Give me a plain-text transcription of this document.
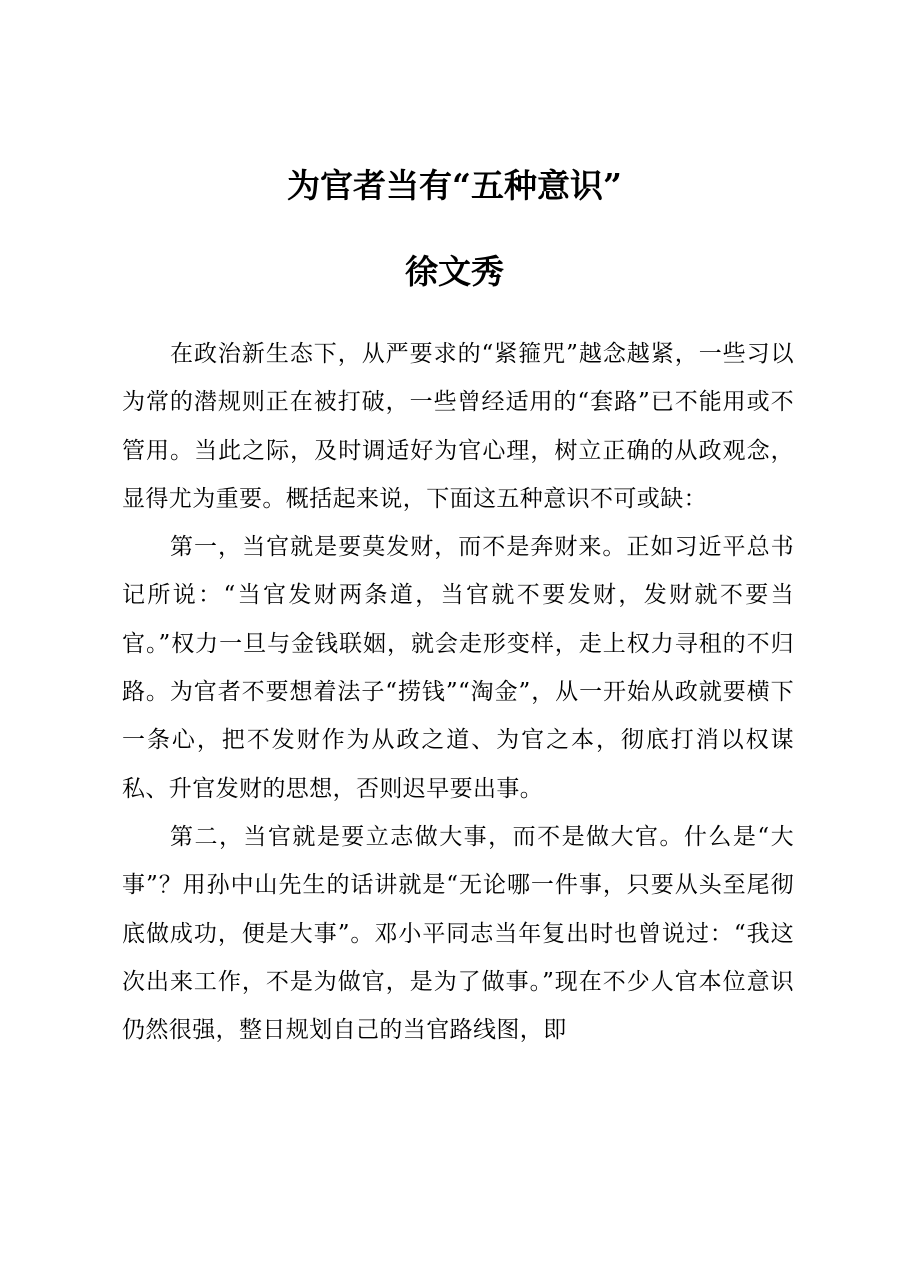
为官者当有“五种意识”
徐文秀

在政治新生态下，从严要求的“紧箍咒”越念越紧，一些习以为常的潜规则正在被打破，一些曾经适用的“套路”已不能用或不管用。当此之际，及时调适好为官心理，树立正确的从政观念，显得尤为重要。概括起来说，下面这五种意识不可或缺：

第一，当官就是要莫发财，而不是奔财来。正如习近平总书记所说：“当官发财两条道，当官就不要发财，发财就不要当官。”权力一旦与金钱联姻，就会走形变样，走上权力寻租的不归路。为官者不要想着法子“捞钱”“淘金”，从一开始从政就要横下一条心，把不发财作为从政之道、为官之本，彻底打消以权谋私、升官发财的思想，否则迟早要出事。

第二，当官就是要立志做大事，而不是做大官。什么是“大事”？用孙中山先生的话讲就是“无论哪一件事，只要从头至尾彻底做成功，便是大事”。邓小平同志当年复出时也曾说过：“我这次出来工作，不是为做官，是为了做事。”现在不少人官本位意识仍然很强，整日规划自己的当官路线图，即
